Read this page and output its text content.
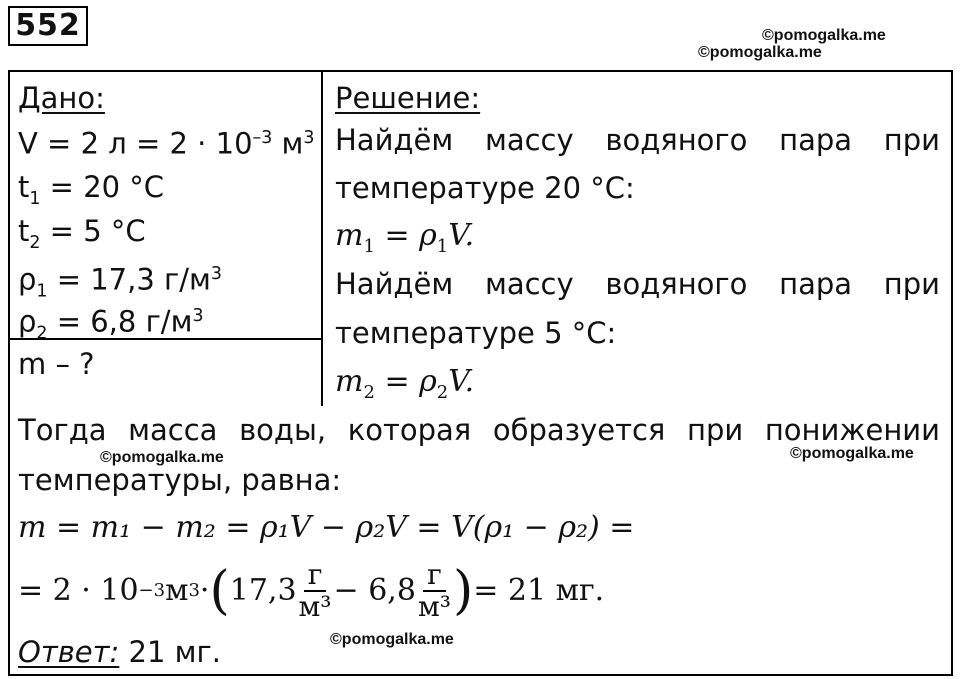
552	©pomogalka.me
©pomogalka.me
©pomogalka.me	©pomogalka.me
©pomogalka.me
Дано:
V = 2 $л = 2 \cdot 10^{-3}$ $м^3$
$t_1 = 20$ °C
$t_2 = 5$ °C
$\rho_1 = 17,3$ $г/м^3$
$\rho_2 = 6,8$ $г/м^3$
m – ?
Решение:
Найдём массу водяного пара при
температуре 20 °C:
$m_1 = \rho_1V$.
Найдём массу водяного пара при
температуре 5 °C:
$m_2 = \rho_2V$.
Тогда масса воды, которая образуется при понижении
температуры, равна:
m = m₁ − m₂ = ρ₁V − ρ₂V = V(ρ₁ − ρ₂) =
= 2 · 10 −3 м 3 · ( $17,3 \frac{г}{\text{м³}} - 6,8 \frac{г}{\text{м³}}$ ) = 21 мг.
Ответ: 21 мг.
